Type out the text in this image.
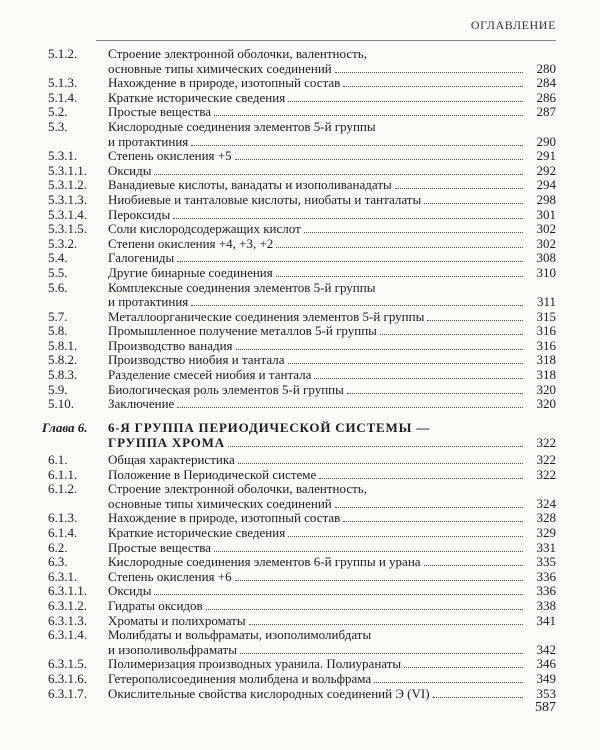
ОГЛАВЛЕНИЕ
5.1.2.	Строение электронной оболочки, валентность,
основные типы химических соединений	280
5.1.3.	Нахождение в природе, изотопный состав	284
5.1.4.	Краткие исторические сведения	286
5.2.	Простые вещества	287
5.3.	Кислородные соединения элементов 5-й группы
и протактиния	290
5.3.1.	Степень окисления +5	291
5.3.1.1.	Оксиды	292
5.3.1.2.	Ванадиевые кислоты, ванадаты и изополиванадаты	294
5.3.1.3.	Ниобиевые и танталовые кислоты, ниобаты и танталаты	298
5.3.1.4.	Пероксиды	301
5.3.1.5.	Соли кислородсодержащих кислот	302
5.3.2.	Степени окисления +4, +3, +2	302
5.4.	Галогениды	308
5.5.	Другие бинарные соединения	310
5.6.	Комплексные соединения элементов 5-й группы
и протактиния	311
5.7.	Металлоорганические соединения элементов 5-й группы	315
5.8.	Промышленное получение металлов 5-й группы	316
5.8.1.	Производство ванадия	316
5.8.2.	Производство ниобия и тантала	318
5.8.3.	Разделение смесей ниобия и тантала	318
5.9.	Биологическая роль элементов 5-й группы	320
5.10.	Заключение	320
Глава 6.	6-Я ГРУППА ПЕРИОДИЧЕСКОЙ СИСТЕМЫ —
ГРУППА ХРОМА	322
6.1.	Общая характеристика	322
6.1.1.	Положение в Периодической системе	322
6.1.2.	Строение электронной оболочки, валентность,
основные типы химических соединений	324
6.1.3.	Нахождение в природе, изотопный состав	328
6.1.4.	Краткие исторические сведения	329
6.2.	Простые вещества	331
6.3.	Кислородные соединения элементов 6-й группы и урана	335
6.3.1.	Степень окисления +6	336
6.3.1.1.	Оксиды	336
6.3.1.2.	Гидраты оксидов	338
6.3.1.3.	Хроматы и полихроматы	341
6.3.1.4.	Молибдаты и вольфраматы, изополимолибдаты
и изополивольфраматы	342
6.3.1.5.	Полимеризация производных уранила. Полиуранаты	346
6.3.1.6.	Гетерополисоединения молибдена и вольфрама	349
6.3.1.7.	Окислительные свойства кислородных соединений Э (VI)	353
587
